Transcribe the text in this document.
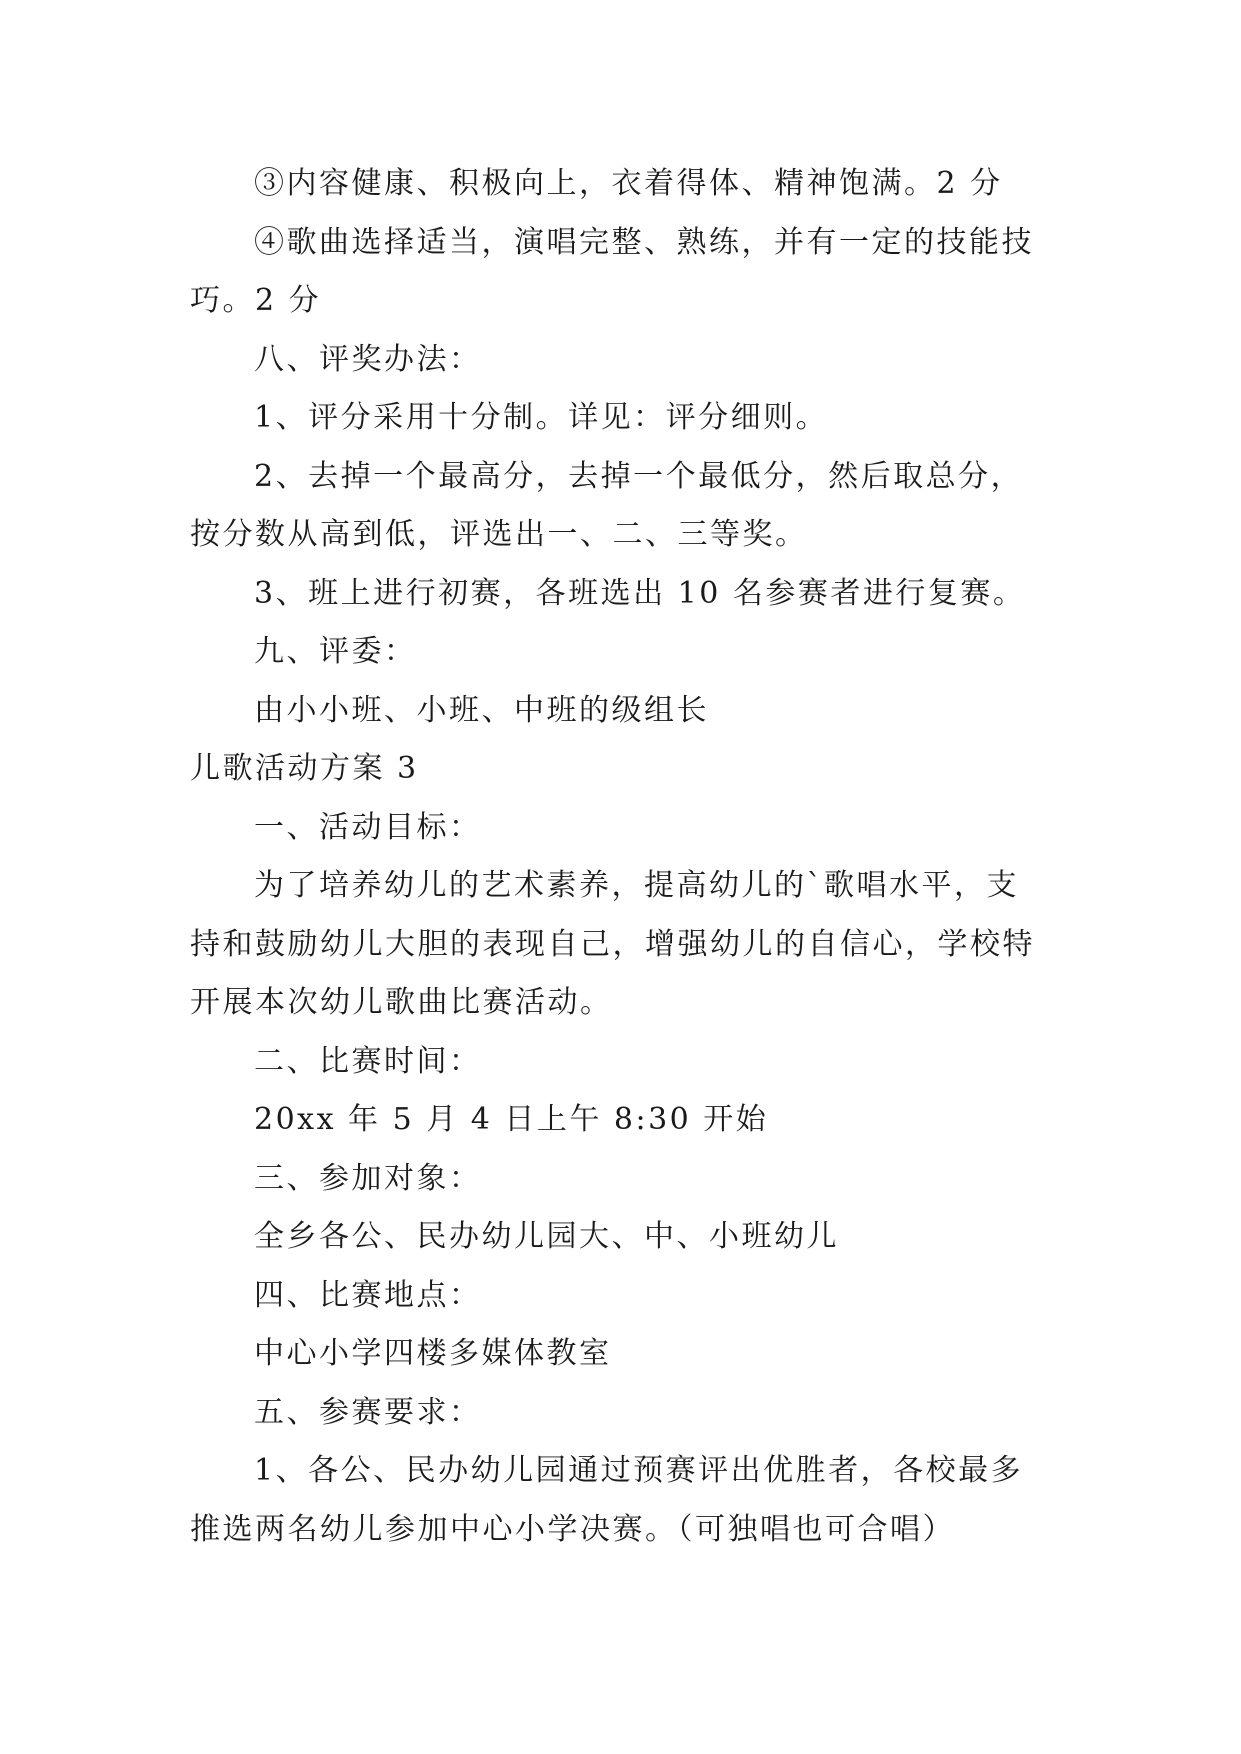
③内容健康、积极向上，衣着得体、精神饱满。2 分
④歌曲选择适当，演唱完整、熟练，并有一定的技能技
巧。2 分
八、评奖办法：
1、评分采用十分制。详见：评分细则。
2、去掉一个最高分，去掉一个最低分，然后取总分，
按分数从高到低，评选出一、二、三等奖。
3、班上进行初赛，各班选出 10 名参赛者进行复赛。
九、评委：
由小小班、小班、中班的级组长
儿歌活动方案 3
一、活动目标：
为了培养幼儿的艺术素养，提高幼儿的`歌唱水平，支
持和鼓励幼儿大胆的表现自己，增强幼儿的自信心，学校特
开展本次幼儿歌曲比赛活动。
二、比赛时间：
20xx 年 5 月 4 日上午 8:30 开始
三、参加对象：
全乡各公、民办幼儿园大、中、小班幼儿
四、比赛地点：
中心小学四楼多媒体教室
五、参赛要求：
1、各公、民办幼儿园通过预赛评出优胜者，各校最多
推选两名幼儿参加中心小学决赛。（可独唱也可合唱）
